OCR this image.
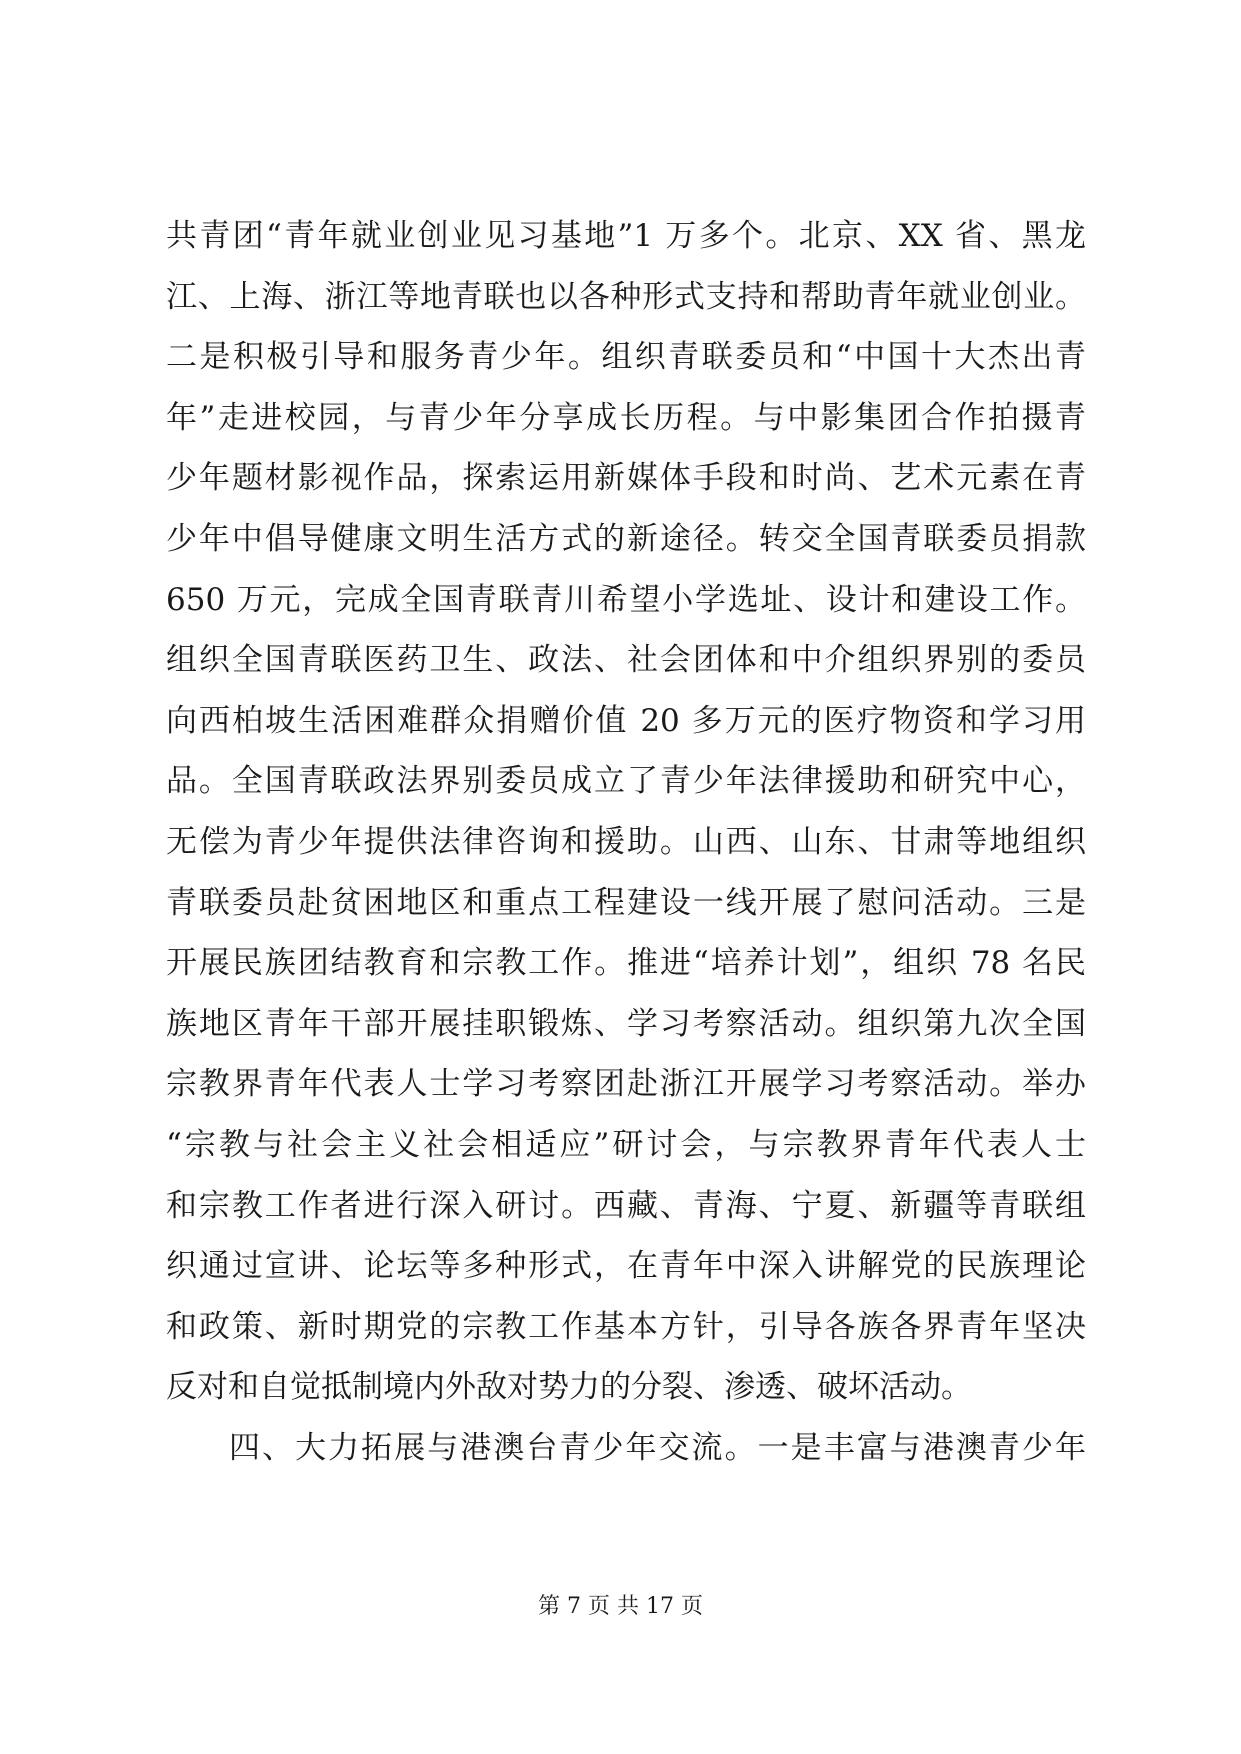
共青团“青年就业创业见习基地”1 万多个。北京、XX 省、黑龙
江、上海、浙江等地青联也以各种形式支持和帮助青年就业创业。
二是积极引导和服务青少年。组织青联委员和“中国十大杰出青
年”走进校园，与青少年分享成长历程。与中影集团合作拍摄青
少年题材影视作品，探索运用新媒体手段和时尚、艺术元素在青
少年中倡导健康文明生活方式的新途径。转交全国青联委员捐款
650 万元，完成全国青联青川希望小学选址、设计和建设工作。
组织全国青联医药卫生、政法、社会团体和中介组织界别的委员
向西柏坡生活困难群众捐赠价值 20 多万元的医疗物资和学习用
品。全国青联政法界别委员成立了青少年法律援助和研究中心，
无偿为青少年提供法律咨询和援助。山西、山东、甘肃等地组织
青联委员赴贫困地区和重点工程建设一线开展了慰问活动。三是
开展民族团结教育和宗教工作。推进“培养计划”，组织 78 名民
族地区青年干部开展挂职锻炼、学习考察活动。组织第九次全国
宗教界青年代表人士学习考察团赴浙江开展学习考察活动。举办
“宗教与社会主义社会相适应”研讨会，与宗教界青年代表人士
和宗教工作者进行深入研讨。西藏、青海、宁夏、新疆等青联组
织通过宣讲、论坛等多种形式，在青年中深入讲解党的民族理论
和政策、新时期党的宗教工作基本方针，引导各族各界青年坚决
反对和自觉抵制境内外敌对势力的分裂、渗透、破坏活动。
四、大力拓展与港澳台青少年交流。一是丰富与港澳青少年
第 7 页 共 17 页
